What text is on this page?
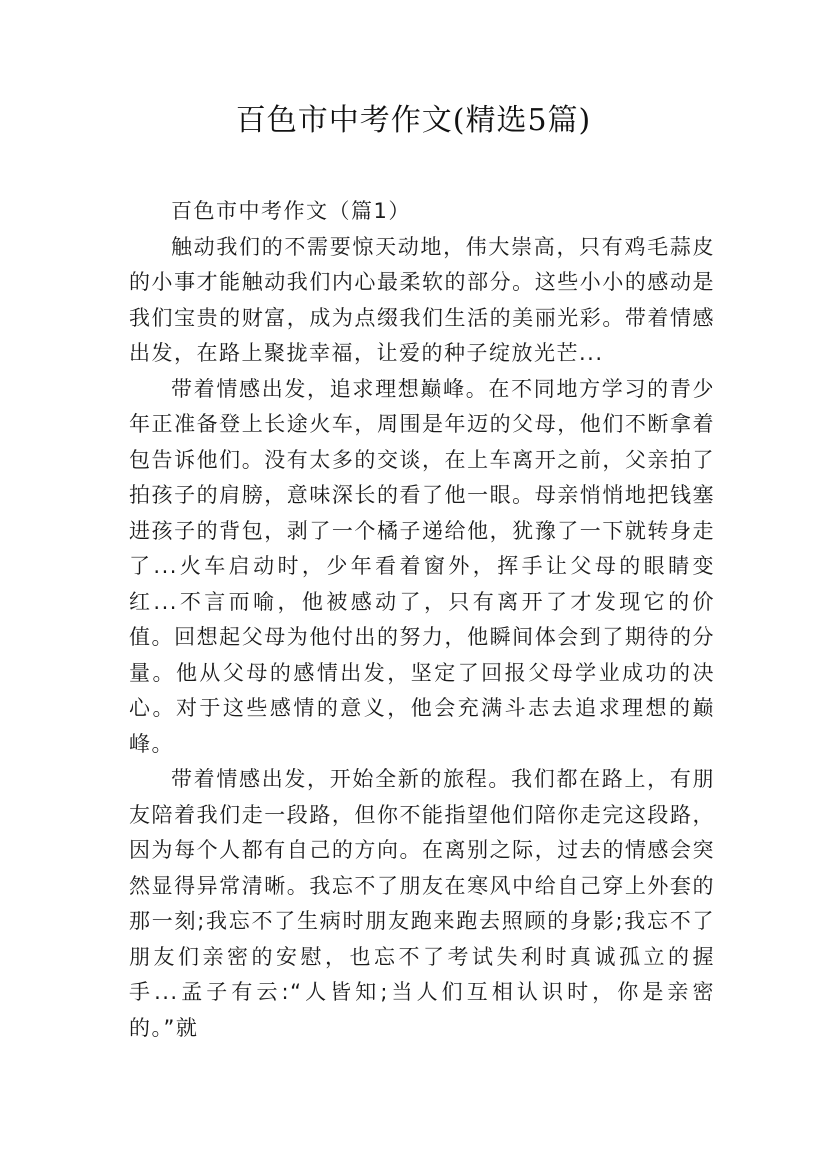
百色市中考作文(精选5篇)

百色市中考作文（篇1）

触动我们的不需要惊天动地，伟大崇高，只有鸡毛蒜皮的小事才能触动我们内心最柔软的部分。这些小小的感动是我们宝贵的财富，成为点缀我们生活的美丽光彩。带着情感出发，在路上聚拢幸福，让爱的种子绽放光芒...

带着情感出发，追求理想巅峰。在不同地方学习的青少年正准备登上长途火车，周围是年迈的父母，他们不断拿着包告诉他们。没有太多的交谈，在上车离开之前，父亲拍了拍孩子的肩膀，意味深长的看了他一眼。母亲悄悄地把钱塞进孩子的背包，剥了一个橘子递给他，犹豫了一下就转身走了...火车启动时，少年看着窗外，挥手让父母的眼睛变红...不言而喻，他被感动了，只有离开了才发现它的价值。回想起父母为他付出的努力，他瞬间体会到了期待的分量。他从父母的感情出发，坚定了回报父母学业成功的决心。对于这些感情的意义，他会充满斗志去追求理想的巅峰。

带着情感出发，开始全新的旅程。我们都在路上，有朋友陪着我们走一段路，但你不能指望他们陪你走完这段路，因为每个人都有自己的方向。在离别之际，过去的情感会突然显得异常清晰。我忘不了朋友在寒风中给自己穿上外套的那一刻;我忘不了生病时朋友跑来跑去照顾的身影;我忘不了朋友们亲密的安慰，也忘不了考试失利时真诚孤立的握手...孟子有云:“人皆知;当人们互相认识时，你是亲密的。”就
